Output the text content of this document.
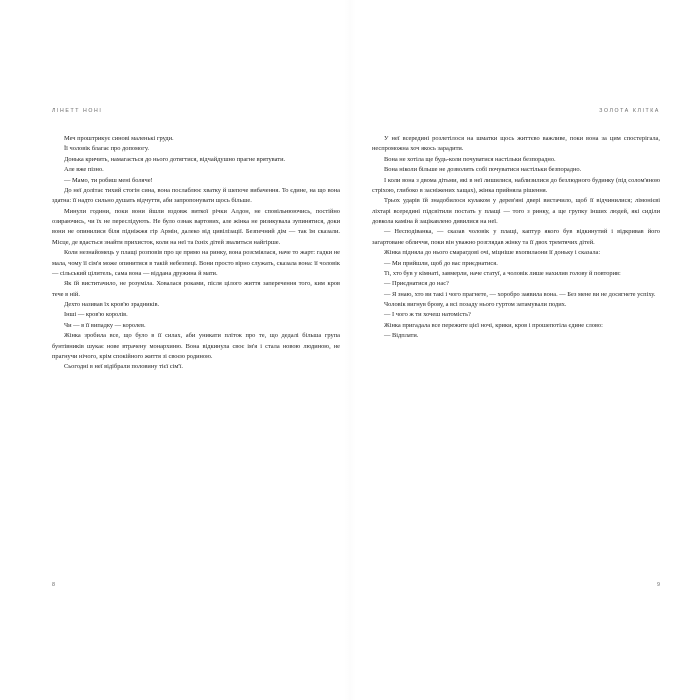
ЛІНЕТТ НОНІ

Меч проштрикує синові маленькі груди.

Її чоловік благає про допомогу.

Донька кричить, намагається до нього дотягтися, відчайдушно прагне врятувати.

Але вже пізно.

— Мамо, ти робиш мені боляче!

До неї долітає тихий стогін сина, вона послаблює хватку й шепоче вибачення. То єдине, на що вона здатна: її надто сильно душать відчуття, аби запропонувати щось більше.

Минули години, поки вони йшли вздовж виткої річки Алдон, не сповільнюючись, постійно озираючись, чи їх не переслідують. Не було ознак вартових, але жінка не ризикувала зупинятися, доки вони не опинилися біля підніжжя гір Армін, далеко від цивілізації. Безпечний дім — так їм сказали. Місце, де вдасться знайти прихисток, коли на неї та їхніх дітей звалиться найгірше.

Коли незнайомець у плащі розповів про це прямо на ринку, вона розсміялася, наче то жарт: гадки не мала, чому її сім'я може опинитися в такій небезпеці. Вони просто вірно служать, сказала вона: її чоловік — сільський цілитель, сама вона — віддана дружина й мати.

Як їй виститачило, не розуміла. Ховалася роками, після цілого життя заперечення того, ким кров тече в ній.

Дехто називав їх кров'ю зрадників.

Інші — кров'ю королів.

Чи — в її випадку — королев.

Жінка зробила все, що було в її силах, аби уникати пліток про те, що дедалі більша група бунтівників шукає нове втрачену монархиню. Вона відкинула своє ім'я і стала новою людиною, не прагнучи нічого, крім спокійного життя зі своєю родиною.

Сьогодні в неї відібрали половину тієї сім'ї.

8
ЗОЛОТА КЛІТКА

У неї всередині розлетілося на шматки щось життєво важливе, поки вона за цим спостерігала, неспроможна хоч якось зарадити.

Вона не хотіла ще будь-коли почуватися настільки безпорадно.

Вона ніколи більше не дозволить собі почуватися настільки безпорадно.

І коли вона з двома дітьми, які в неї лишилися, наблизилися до безлюдного будинку (під солом'яною стріхою, глибоко в засніжених хащах), жінка прийняла рішення.

Трьох ударів їй знадобилося кулаком у дерев'яні двері вистачило, щоб її відчинилися; лімонієві ліхтарі всередині підсвітили постать у плащі — того з ринку, а ще групку інших людей, які сиділи довкола каміна й зацікавлено дивилися на неї.

— Несподіванка, — сказав чоловік у плащі, каптур якого був відкинутий і відкривав його загартоване обличчя, поки він уважно розглядав жінку та її двох тремтячих дітей.

Жінка підняла до нього смарагдові очі, міцніше вхопилаони її доньку і сказала:

— Ми прийшли, щоб до вас приєднатися.

Ті, хто був у кімнаті, завмерли, наче статуї, а чоловік лише нахилив голову й повторив:

— Приєднатися до нас?

— Я знаю, хто ви такі і чого прагнете, — хоробро заявила вона. — Без мене ви не досягнете успіху.

Чоловік вигнув брову, а всі позаду нього гуртом затамували подих.

— І чого ж ти хочеш натомість?

Жінка пригадала все пережите цієї ночі, крики, кров і прошепотіла єдине слово:

— Відплати.

9
